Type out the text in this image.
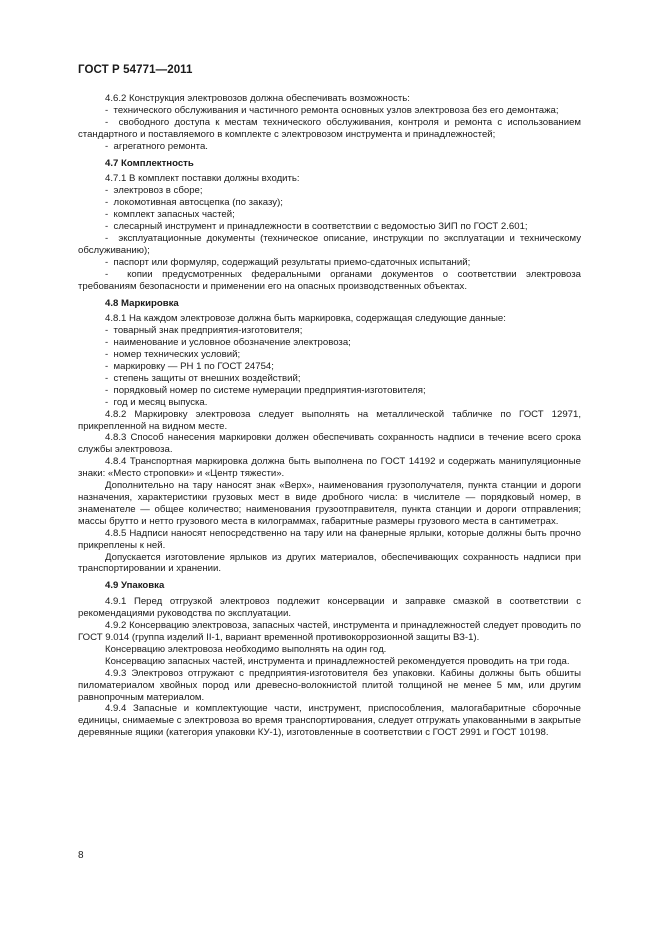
ГОСТ Р 54771—2011

4.6.2 Конструкция электровозов должна обеспечивать возможность:

-  технического обслуживания и частичного ремонта основных узлов электровоза без его демонтажа;

-  свободного доступа к местам технического обслуживания, контроля и ремонта с использованием стандартного и поставляемого в комплекте с электровозом инструмента и принадлежностей;

-  агрегатного ремонта.

4.7 Комплектность

4.7.1 В комплект поставки должны входить:

-  электровоз в сборе;

-  локомотивная автосцепка (по заказу);

-  комплект запасных частей;

-  слесарный инструмент и принадлежности в соответствии с ведомостью ЗИП по ГОСТ 2.601;

-  эксплуатационные документы (техническое описание, инструкции по эксплуатации и техническому обслуживанию);

-  паспорт или формуляр, содержащий результаты приемо-сдаточных испытаний;

-  копии предусмотренных федеральными органами документов о соответствии электровоза требованиям безопасности и применении его на опасных производственных объектах.

4.8 Маркировка

4.8.1 На каждом электровозе должна быть маркировка, содержащая следующие данные:

-  товарный знак предприятия-изготовителя;

-  наименование и условное обозначение электровоза;

-  номер технических условий;

-  маркировку — РН 1 по ГОСТ 24754;

-  степень защиты от внешних воздействий;

-  порядковый номер по системе нумерации предприятия-изготовителя;

-  год и месяц выпуска.

4.8.2 Маркировку электровоза следует выполнять на металлической табличке по ГОСТ 12971, прикрепленной на видном месте.

4.8.3 Способ нанесения маркировки должен обеспечивать сохранность надписи в течение всего срока службы электровоза.

4.8.4 Транспортная маркировка должна быть выполнена по ГОСТ 14192 и содержать манипуляционные знаки: «Место строповки» и «Центр тяжести».

Дополнительно на тару наносят знак «Верх», наименования грузополучателя, пункта станции и дороги назначения, характеристики грузовых мест в виде дробного числа: в числителе — порядковый номер, в знаменателе — общее количество; наименования грузоотправителя, пункта станции и дороги отправления; массы брутто и нетто грузового места в килограммах, габаритные размеры грузового места в сантиметрах.

4.8.5 Надписи наносят непосредственно на тару или на фанерные ярлыки, которые должны быть прочно прикреплены к ней.

Допускается изготовление ярлыков из других материалов, обеспечивающих сохранность надписи при транспортировании и хранении.

4.9 Упаковка

4.9.1 Перед отгрузкой электровоз подлежит консервации и заправке смазкой в соответствии с рекомендациями руководства по эксплуатации.

4.9.2 Консервацию электровоза, запасных частей, инструмента и принадлежностей следует проводить по ГОСТ 9.014 (группа изделий II-1, вариант временной противокоррозионной защиты ВЗ-1).

Консервацию электровоза необходимо выполнять на один год.

Консервацию запасных частей, инструмента и принадлежностей рекомендуется проводить на три года.

4.9.3 Электровоз отгружают с предприятия-изготовителя без упаковки. Кабины должны быть обшиты пиломатериалом хвойных пород или древесно-волокнистой плитой толщиной не менее 5 мм, или другим равнопрочным материалом.

4.9.4 Запасные и комплектующие части, инструмент, приспособления, малогабаритные сборочные единицы, снимаемые с электровоза во время транспортирования, следует отгружать упакованными в закрытые деревянные ящики (категория упаковки КУ-1), изготовленные в соответствии с ГОСТ 2991 и ГОСТ 10198.

8
